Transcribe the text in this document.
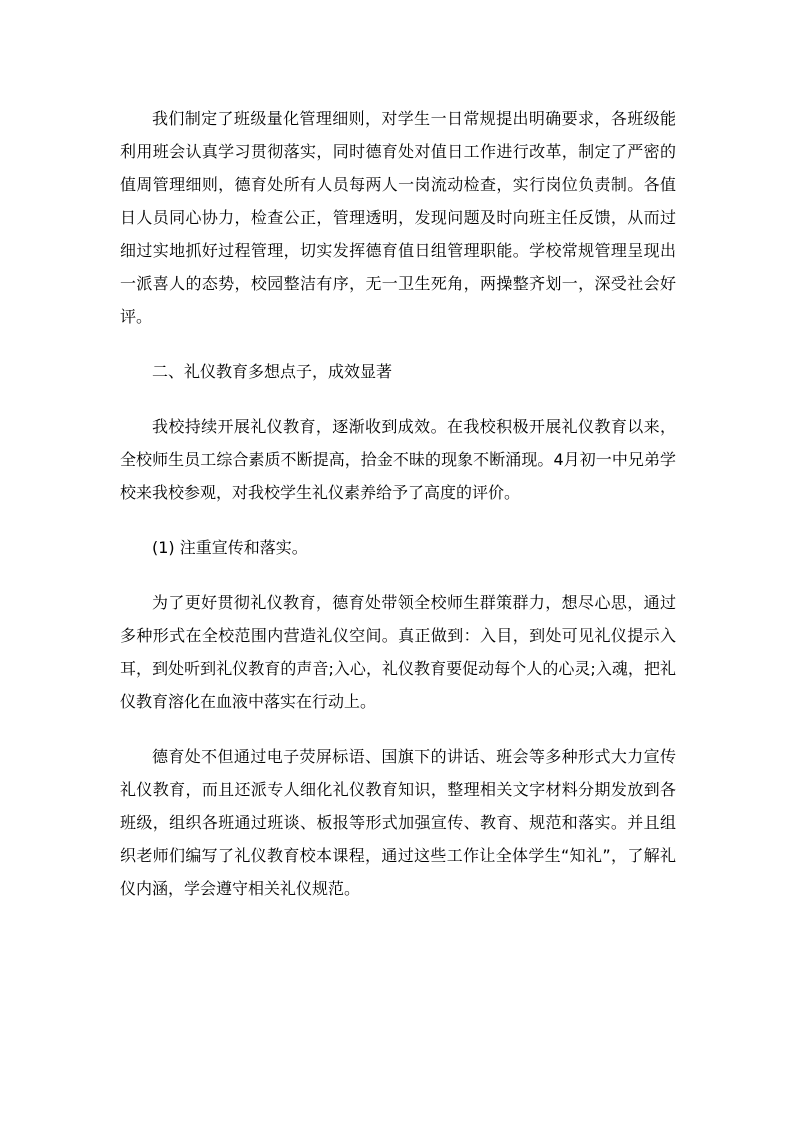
我们制定了班级量化管理细则，对学生一日常规提出明确要求，各班级能利用班会认真学习贯彻落实，同时德育处对值日工作进行改革，制定了严密的值周管理细则，德育处所有人员每两人一岗流动检查，实行岗位负责制。各值日人员同心协力，检查公正，管理透明，发现问题及时向班主任反馈，从而过细过实地抓好过程管理，切实发挥德育值日组管理职能。学校常规管理呈现出一派喜人的态势，校园整洁有序，无一卫生死角，两操整齐划一，深受社会好评。

二、礼仪教育多想点子，成效显著

我校持续开展礼仪教育，逐渐收到成效。在我校积极开展礼仪教育以来，全校师生员工综合素质不断提高，拾金不昧的现象不断涌现。4月初一中兄弟学校来我校参观，对我校学生礼仪素养给予了高度的评价。

(1) 注重宣传和落实。

为了更好贯彻礼仪教育，德育处带领全校师生群策群力，想尽心思，通过多种形式在全校范围内营造礼仪空间。真正做到：入目，到处可见礼仪提示入耳，到处听到礼仪教育的声音;入心，礼仪教育要促动每个人的心灵;入魂，把礼仪教育溶化在血液中落实在行动上。

德育处不但通过电子荧屏标语、国旗下的讲话、班会等多种形式大力宣传礼仪教育，而且还派专人细化礼仪教育知识，整理相关文字材料分期发放到各班级，组织各班通过班谈、板报等形式加强宣传、教育、规范和落实。并且组织老师们编写了礼仪教育校本课程，通过这些工作让全体学生“知礼”，了解礼仪内涵，学会遵守相关礼仪规范。
